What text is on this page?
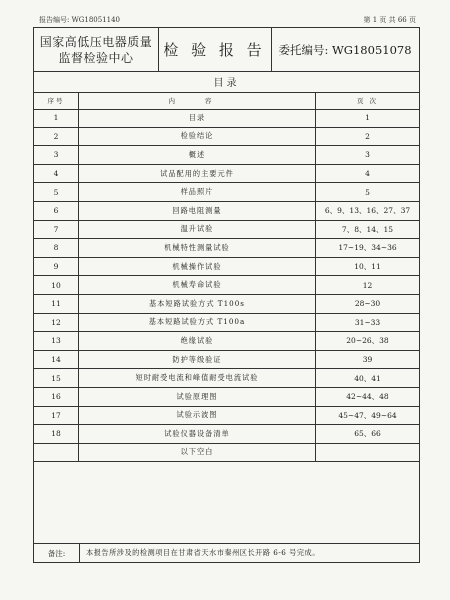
报告编号: WG18051140	第 1 页 共 66 页
国家高低压电器质量
监督检验中心	检 验 报 告	委托编号: WG18051078
目录
序号	内 容	页 次
1	目录	1
2	检验结论	2
3	概述	3
4	试品配用的主要元件	4
5	样品照片	5
6	回路电阻测量	6、9、13、16、27、37
7	温升试验	7、8、14、15
8	机械特性测量试验	17~19、34~36
9	机械操作试验	10、11
10	机械寿命试验	12
11	基本短路试验方式 T100s	28~30
12	基本短路试验方式 T100a	31~33
13	绝缘试验	20~26、38
14	防护等级验证	39
15	短时耐受电流和峰值耐受电流试验	40、41
16	试验原理图	42~44、48
17	试验示波图	45~47、49~64
18	试验仪器设备清单	65、66
以下空白
备注:	本报告所涉及的检测项目在甘肃省天水市秦州区长开路 6-6 号完成。
